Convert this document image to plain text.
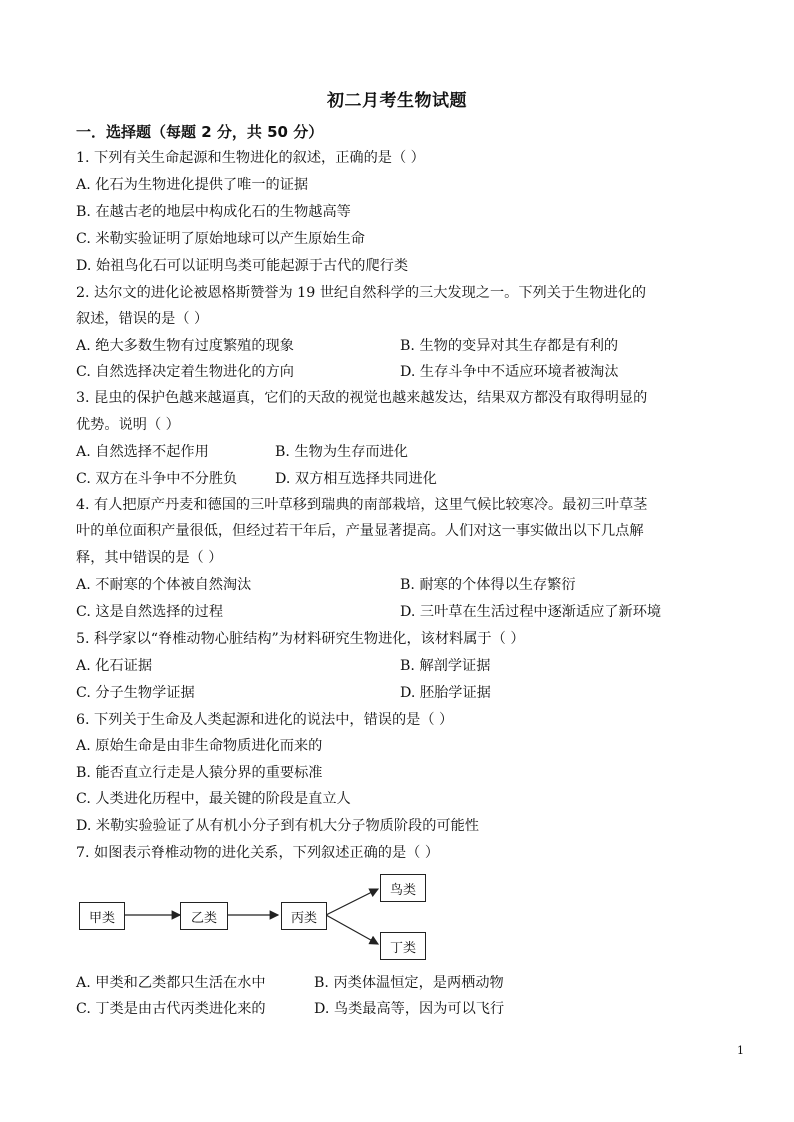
初二月考生物试题
一．选择题（每题 2 分，共 50 分）
1. 下列有关生命起源和生物进化的叙述，正确的是（ ）
A. 化石为生物进化提供了唯一的证据
B. 在越古老的地层中构成化石的生物越高等
C. 米勒实验证明了原始地球可以产生原始生命
D. 始祖鸟化石可以证明鸟类可能起源于古代的爬行类
2. 达尔文的进化论被恩格斯赞誉为 19 世纪自然科学的三大发现之一。下列关于生物进化的
叙述，错误的是（ ）
A. 绝大多数生物有过度繁殖的现象	B. 生物的变异对其生存都是有利的
C. 自然选择决定着生物进化的方向	D. 生存斗争中不适应环境者被淘汰
3. 昆虫的保护色越来越逼真，它们的天敌的视觉也越来越发达，结果双方都没有取得明显的
优势。说明（ ）
A. 自然选择不起作用	B. 生物为生存而进化
C. 双方在斗争中不分胜负	D. 双方相互选择共同进化
4. 有人把原产丹麦和德国的三叶草移到瑞典的南部栽培，这里气候比较寒冷。最初三叶草茎
叶的单位面积产量很低，但经过若干年后，产量显著提高。人们对这一事实做出以下几点解
释，其中错误的是（ ）
A. 不耐寒的个体被自然淘汰	B. 耐寒的个体得以生存繁衍
C. 这是自然选择的过程	D. 三叶草在生活过程中逐渐适应了新环境
5. 科学家以“脊椎动物心脏结构”为材料研究生物进化，该材料属于（ ）
A. 化石证据	B. 解剖学证据
C. 分子生物学证据	D. 胚胎学证据
6. 下列关于生命及人类起源和进化的说法中，错误的是（ ）
A. 原始生命是由非生命物质进化而来的
B. 能否直立行走是人猿分界的重要标准
C. 人类进化历程中，最关键的阶段是直立人
D. 米勒实验验证了从有机小分子到有机大分子物质阶段的可能性
7. 如图表示脊椎动物的进化关系，下列叙述正确的是（ ）
甲类	乙类	丙类
鸟类
丁类
A. 甲类和乙类都只生活在水中	B. 丙类体温恒定，是两栖动物
C. 丁类是由古代丙类进化来的	D. 鸟类最高等，因为可以飞行
1
